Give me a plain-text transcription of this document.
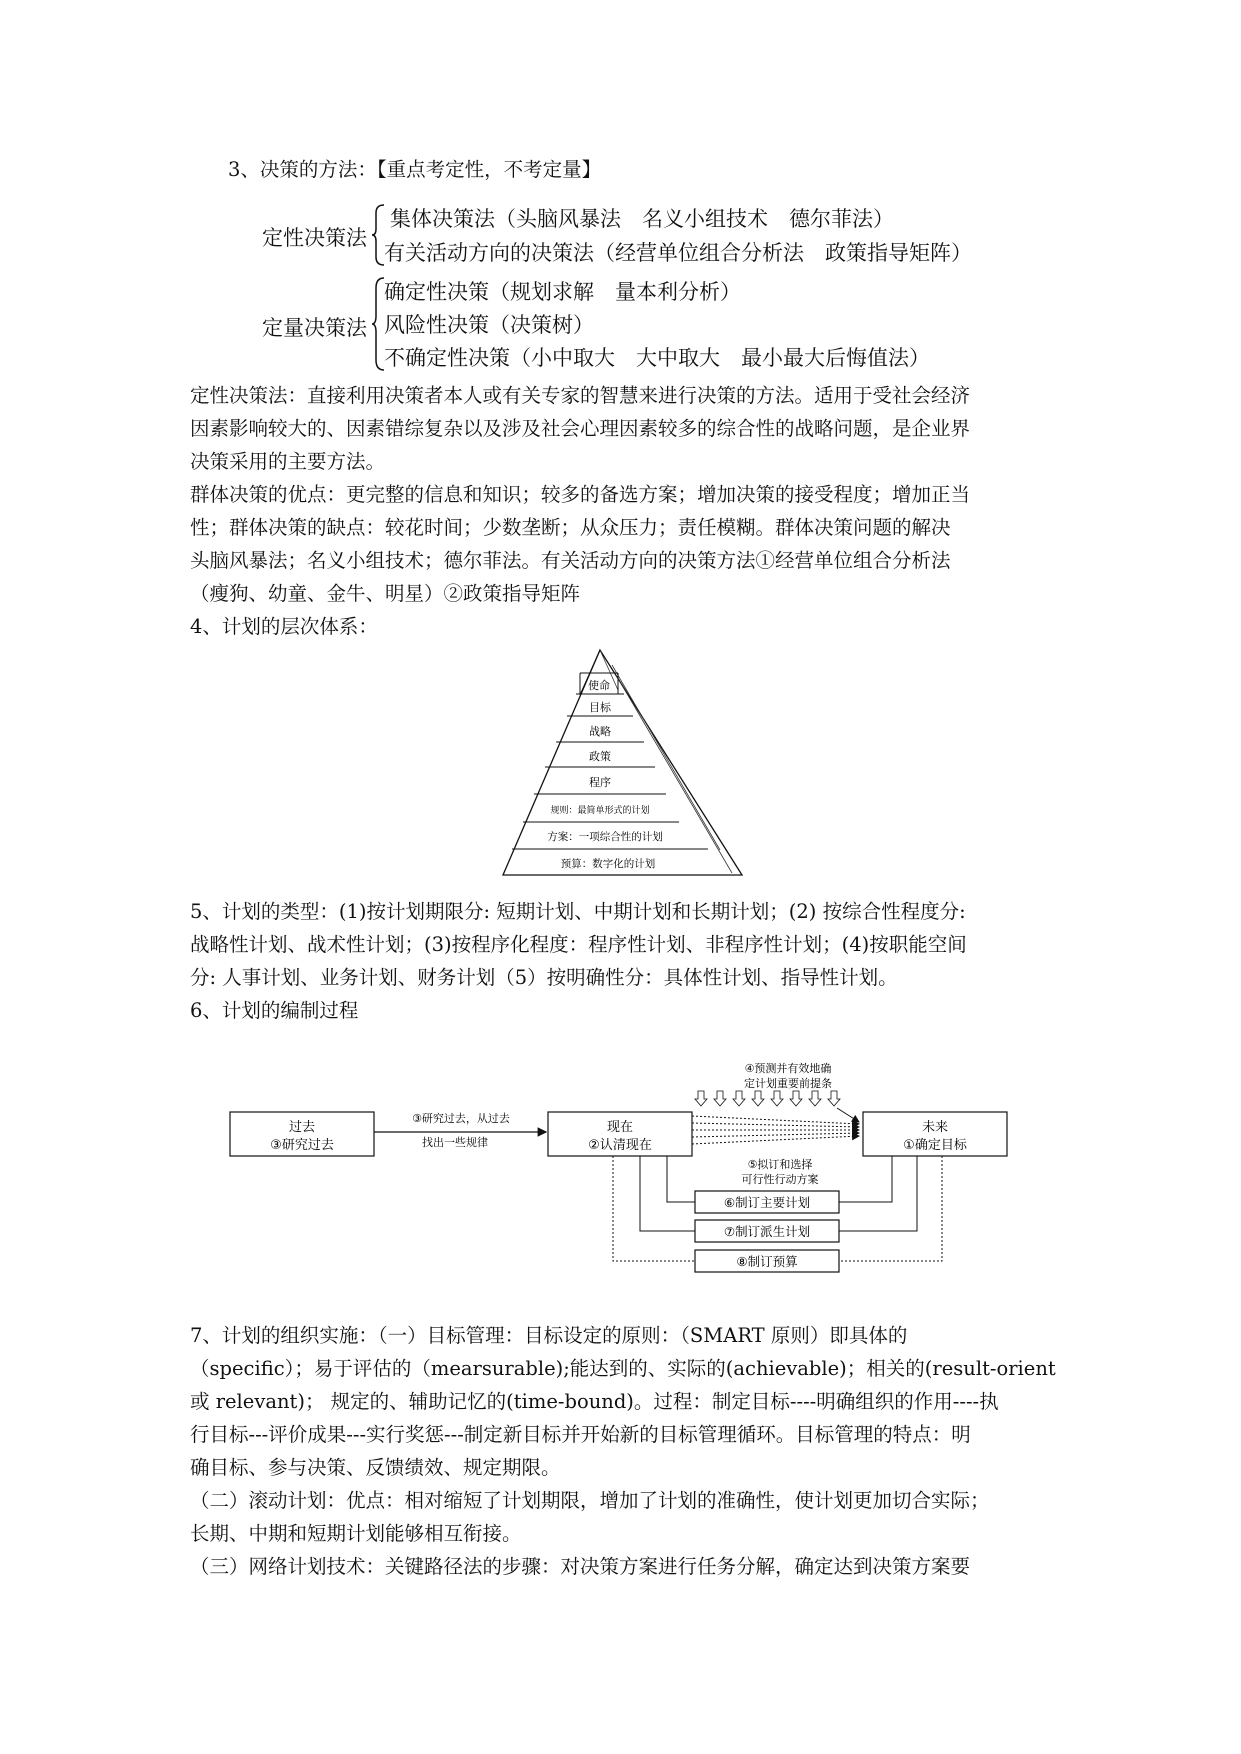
3、决策的方法：【重点考定性，不考定量】
定性决策法
集体决策法（头脑风暴法　名义小组技术　德尔菲法）
有关活动方向的决策法（经营单位组合分析法　政策指导矩阵）
定量决策法
确定性决策（规划求解　量本利分析）
风险性决策（决策树）
不确定性决策（小中取大　大中取大　最小最大后悔值法）
定性决策法：直接利用决策者本人或有关专家的智慧来进行决策的方法。适用于受社会经济
因素影响较大的、因素错综复杂以及涉及社会心理因素较多的综合性的战略问题，是企业界
决策采用的主要方法。
群体决策的优点：更完整的信息和知识；较多的备选方案；增加决策的接受程度；增加正当
性；群体决策的缺点：较花时间；少数垄断；从众压力；责任模糊。群体决策问题的解决
头脑风暴法；名义小组技术；德尔菲法。有关活动方向的决策方法①经营单位组合分析法
（瘦狗、幼童、金牛、明星）②政策指导矩阵
4、计划的层次体系：
使命
目标
战略
政策
程序
规则：最简单形式的计划
方案：一项综合性的计划
预算：数字化的计划
5、计划的类型：(1)按计划期限分: 短期计划、中期计划和长期计划；(2) 按综合性程度分:
战略性计划、战术性计划；(3)按程序化程度：程序性计划、非程序性计划；(4)按职能空间
分: 人事计划、业务计划、财务计划（5）按明确性分：具体性计划、指导性计划。
6、计划的编制过程
过去
③研究过去
现在
②认清现在
未来
①确定目标
③研究过去，从过去
找出一些规律
④预测并有效地确
定计划重要前提条
⑤拟订和选择
可行性行动方案
⑥制订主要计划
⑦制订派生计划
⑧制订预算
7、计划的组织实施：（一）目标管理：目标设定的原则：（SMART 原则）即具体的
（specific）；易于评估的（mearsurable);能达到的、实际的(achievable)；相关的(result-orient
或 relevant)； 规定的、辅助记忆的(time-bound)。过程：制定目标----明确组织的作用----执
行目标---评价成果---实行奖惩---制定新目标并开始新的目标管理循环。目标管理的特点：明
确目标、参与决策、反馈绩效、规定期限。
（二）滚动计划：优点：相对缩短了计划期限，增加了计划的准确性，使计划更加切合实际；
长期、中期和短期计划能够相互衔接。
（三）网络计划技术：关键路径法的步骤：对决策方案进行任务分解，确定达到决策方案要
